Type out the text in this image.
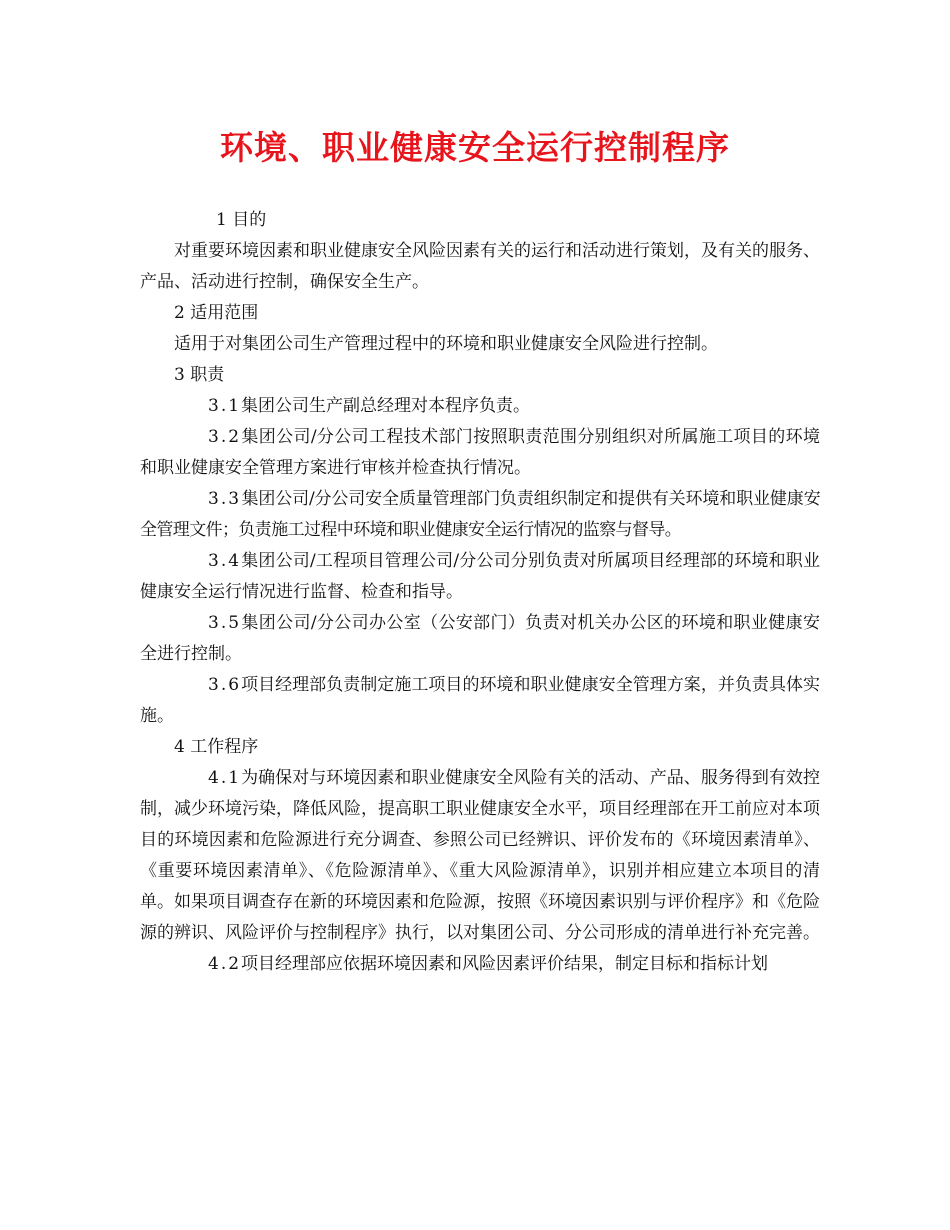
环境、职业健康安全运行控制程序

1 目的

对重要环境因素和职业健康安全风险因素有关的运行和活动进行策划，及有关的服务、产品、活动进行控制，确保安全生产。

2 适用范围

适用于对集团公司生产管理过程中的环境和职业健康安全风险进行控制。

3 职责

3.1集团公司生产副总经理对本程序负责。

3.2集团公司/分公司工程技术部门按照职责范围分别组织对所属施工项目的环境和职业健康安全管理方案进行审核并检查执行情况。

3.3集团公司/分公司安全质量管理部门负责组织制定和提供有关环境和职业健康安全管理文件；负责施工过程中环境和职业健康安全运行情况的监察与督导。

3.4集团公司/工程项目管理公司/分公司分别负责对所属项目经理部的环境和职业健康安全运行情况进行监督、检查和指导。

3.5集团公司/分公司办公室（公安部门）负责对机关办公区的环境和职业健康安全进行控制。

3.6项目经理部负责制定施工项目的环境和职业健康安全管理方案，并负责具体实施。

4 工作程序

4.1为确保对与环境因素和职业健康安全风险有关的活动、产品、服务得到有效控制，减少环境污染，降低风险，提高职工职业健康安全水平，项目经理部在开工前应对本项目的环境因素和危险源进行充分调查、参照公司已经辨识、评价发布的《环境因素清单》、《重要环境因素清单》、《危险源清单》、《重大风险源清单》，识别并相应建立本项目的清单。如果项目调查存在新的环境因素和危险源，按照《环境因素识别与评价程序》和《危险源的辨识、风险评价与控制程序》执行，以对集团公司、分公司形成的清单进行补充完善。

4.2项目经理部应依据环境因素和风险因素评价结果，制定目标和指标计划
